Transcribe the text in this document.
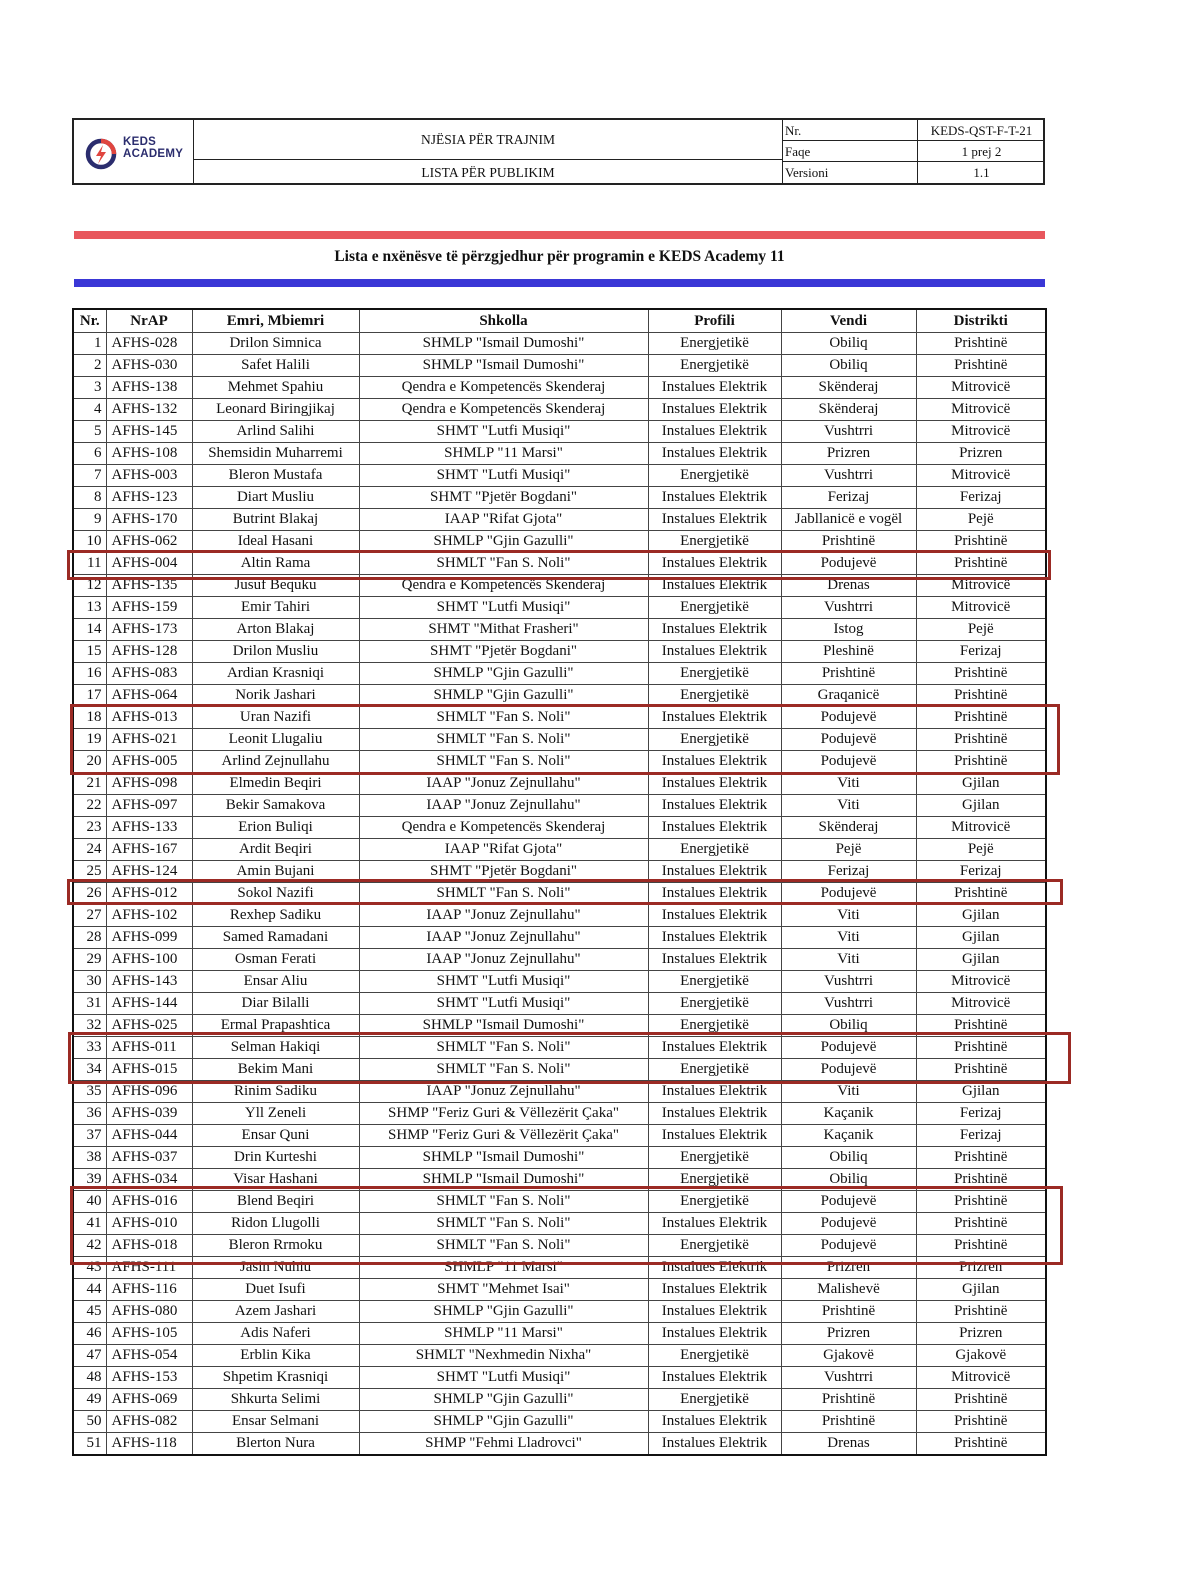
KEDS
ACADEMY
NJËSIA PËR TRAJNIM
LISTA PËR PUBLIKIM
Nr.	KEDS-QST-F-T-21
Faqe	1 prej 2
Versioni	1.1
Lista e nxënësve të përzgjedhur për programin e KEDS Academy 11
Nr.	NrAP	Emri, Mbiemri	Shkolla	Profili	Vendi	Distrikti
1	AFHS-028	Drilon Simnica	SHMLP "Ismail Dumoshi"	Energjetikë	Obiliq	Prishtinë
2	AFHS-030	Safet Halili	SHMLP "Ismail Dumoshi"	Energjetikë	Obiliq	Prishtinë
3	AFHS-138	Mehmet Spahiu	Qendra e Kompetencës Skenderaj	Instalues Elektrik	Skënderaj	Mitrovicë
4	AFHS-132	Leonard Biringjikaj	Qendra e Kompetencës Skenderaj	Instalues Elektrik	Skënderaj	Mitrovicë
5	AFHS-145	Arlind Salihi	SHMT "Lutfi Musiqi"	Instalues Elektrik	Vushtrri	Mitrovicë
6	AFHS-108	Shemsidin Muharremi	SHMLP "11 Marsi"	Instalues Elektrik	Prizren	Prizren
7	AFHS-003	Bleron Mustafa	SHMT "Lutfi Musiqi"	Energjetikë	Vushtrri	Mitrovicë
8	AFHS-123	Diart Musliu	SHMT "Pjetër Bogdani"	Instalues Elektrik	Ferizaj	Ferizaj
9	AFHS-170	Butrint Blakaj	IAAP "Rifat Gjota"	Instalues Elektrik	Jabllanicë e vogël	Pejë
10	AFHS-062	Ideal Hasani	SHMLP "Gjin Gazulli"	Energjetikë	Prishtinë	Prishtinë
11	AFHS-004	Altin Rama	SHMLT "Fan S. Noli"	Instalues Elektrik	Podujevë	Prishtinë
12	AFHS-135	Jusuf Bequku	Qendra e Kompetencës Skenderaj	Instalues Elektrik	Drenas	Mitrovicë
13	AFHS-159	Emir Tahiri	SHMT "Lutfi Musiqi"	Energjetikë	Vushtrri	Mitrovicë
14	AFHS-173	Arton Blakaj	SHMT "Mithat Frasheri"	Instalues Elektrik	Istog	Pejë
15	AFHS-128	Drilon Musliu	SHMT "Pjetër Bogdani"	Instalues Elektrik	Pleshinë	Ferizaj
16	AFHS-083	Ardian Krasniqi	SHMLP "Gjin Gazulli"	Energjetikë	Prishtinë	Prishtinë
17	AFHS-064	Norik Jashari	SHMLP "Gjin Gazulli"	Energjetikë	Graqanicë	Prishtinë
18	AFHS-013	Uran Nazifi	SHMLT "Fan S. Noli"	Instalues Elektrik	Podujevë	Prishtinë
19	AFHS-021	Leonit Llugaliu	SHMLT "Fan S. Noli"	Energjetikë	Podujevë	Prishtinë
20	AFHS-005	Arlind Zejnullahu	SHMLT "Fan S. Noli"	Instalues Elektrik	Podujevë	Prishtinë
21	AFHS-098	Elmedin Beqiri	IAAP "Jonuz Zejnullahu"	Instalues Elektrik	Viti	Gjilan
22	AFHS-097	Bekir Samakova	IAAP "Jonuz Zejnullahu"	Instalues Elektrik	Viti	Gjilan
23	AFHS-133	Erion Buliqi	Qendra e Kompetencës Skenderaj	Instalues Elektrik	Skënderaj	Mitrovicë
24	AFHS-167	Ardit Beqiri	IAAP "Rifat Gjota"	Energjetikë	Pejë	Pejë
25	AFHS-124	Amin Bujani	SHMT "Pjetër Bogdani"	Instalues Elektrik	Ferizaj	Ferizaj
26	AFHS-012	Sokol Nazifi	SHMLT "Fan S. Noli"	Instalues Elektrik	Podujevë	Prishtinë
27	AFHS-102	Rexhep Sadiku	IAAP "Jonuz Zejnullahu"	Instalues Elektrik	Viti	Gjilan
28	AFHS-099	Samed Ramadani	IAAP "Jonuz Zejnullahu"	Instalues Elektrik	Viti	Gjilan
29	AFHS-100	Osman Ferati	IAAP "Jonuz Zejnullahu"	Instalues Elektrik	Viti	Gjilan
30	AFHS-143	Ensar Aliu	SHMT "Lutfi Musiqi"	Energjetikë	Vushtrri	Mitrovicë
31	AFHS-144	Diar Bilalli	SHMT "Lutfi Musiqi"	Energjetikë	Vushtrri	Mitrovicë
32	AFHS-025	Ermal Prapashtica	SHMLP "Ismail Dumoshi"	Energjetikë	Obiliq	Prishtinë
33	AFHS-011	Selman Hakiqi	SHMLT "Fan S. Noli"	Instalues Elektrik	Podujevë	Prishtinë
34	AFHS-015	Bekim Mani	SHMLT "Fan S. Noli"	Energjetikë	Podujevë	Prishtinë
35	AFHS-096	Rinim Sadiku	IAAP "Jonuz Zejnullahu"	Instalues Elektrik	Viti	Gjilan
36	AFHS-039	Yll Zeneli	SHMP "Feriz Guri & Vëllezërit Çaka"	Instalues Elektrik	Kaçanik	Ferizaj
37	AFHS-044	Ensar Quni	SHMP "Feriz Guri & Vëllezërit Çaka"	Instalues Elektrik	Kaçanik	Ferizaj
38	AFHS-037	Drin Kurteshi	SHMLP "Ismail Dumoshi"	Energjetikë	Obiliq	Prishtinë
39	AFHS-034	Visar Hashani	SHMLP "Ismail Dumoshi"	Energjetikë	Obiliq	Prishtinë
40	AFHS-016	Blend Beqiri	SHMLT "Fan S. Noli"	Energjetikë	Podujevë	Prishtinë
41	AFHS-010	Ridon Llugolli	SHMLT "Fan S. Noli"	Instalues Elektrik	Podujevë	Prishtinë
42	AFHS-018	Bleron Rrmoku	SHMLT "Fan S. Noli"	Energjetikë	Podujevë	Prishtinë
43	AFHS-111	Jasin Nuhiu	SHMLP "11 Marsi"	Instalues Elektrik	Prizren	Prizren
44	AFHS-116	Duet Isufi	SHMT "Mehmet Isai"	Instalues Elektrik	Malishevë	Gjilan
45	AFHS-080	Azem Jashari	SHMLP "Gjin Gazulli"	Instalues Elektrik	Prishtinë	Prishtinë
46	AFHS-105	Adis Naferi	SHMLP "11 Marsi"	Instalues Elektrik	Prizren	Prizren
47	AFHS-054	Erblin Kika	SHMLT "Nexhmedin Nixha"	Energjetikë	Gjakovë	Gjakovë
48	AFHS-153	Shpetim Krasniqi	SHMT "Lutfi Musiqi"	Instalues Elektrik	Vushtrri	Mitrovicë
49	AFHS-069	Shkurta Selimi	SHMLP "Gjin Gazulli"	Energjetikë	Prishtinë	Prishtinë
50	AFHS-082	Ensar Selmani	SHMLP "Gjin Gazulli"	Instalues Elektrik	Prishtinë	Prishtinë
51	AFHS-118	Blerton Nura	SHMP "Fehmi Lladrovci"	Instalues Elektrik	Drenas	Prishtinë
